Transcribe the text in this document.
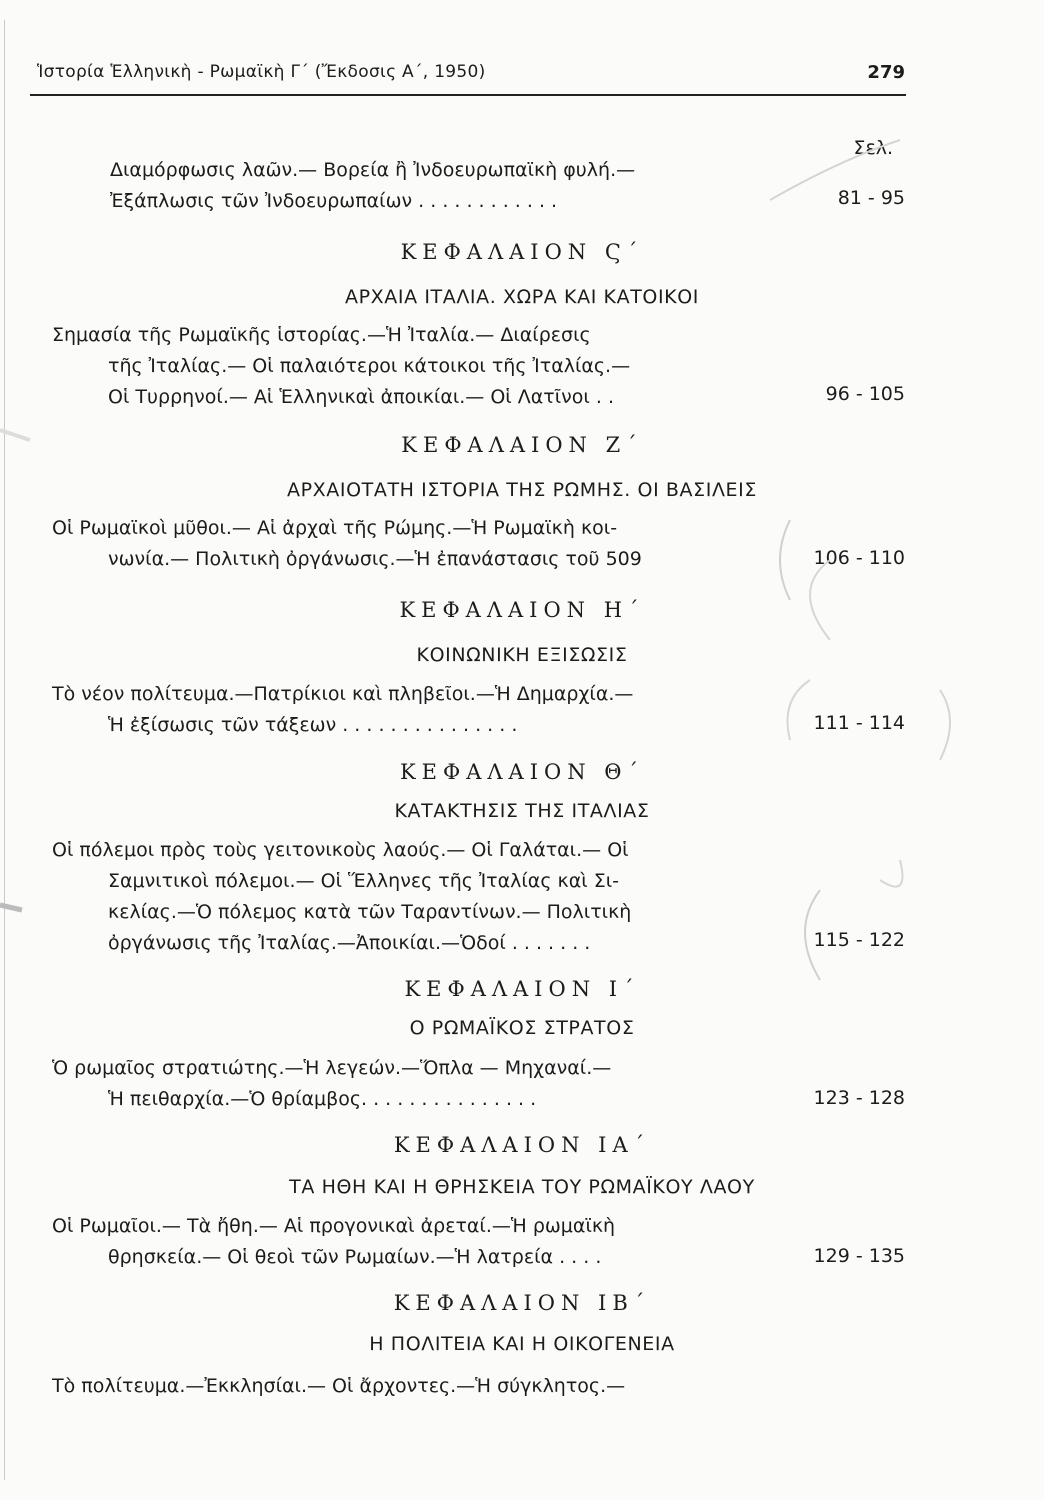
Ἱστορία Ἑλληνικὴ - Ρωμαϊκὴ Γ΄ (Ἔκδοσις Α΄, 1950)	279
Σελ.
Διαμόρφωσις λαῶν.— Βορεία ἢ Ἰνδοευρωπαϊκὴ φυλή.—
Ἐξάπλωσις τῶν Ἰνδοευρωπαίων . . . . . . . . . . . .	81 - 95
ΚΕΦΑΛΑΙΟΝ Ϛ΄
ΑΡΧΑΙΑ ΙΤΑΛΙΑ. ΧΩΡΑ ΚΑΙ ΚΑΤΟΙΚΟΙ
Σημασία τῆς Ρωμαϊκῆς ἱστορίας.—Ἡ Ἰταλία.— Διαίρεσις
τῆς Ἰταλίας.— Οἱ παλαιότεροι κάτοικοι τῆς Ἰταλίας.—
Οἱ Τυρρηνοί.— Αἱ Ἑλληνικαὶ ἀποικίαι.— Οἱ Λατῖνοι . .	96 - 105
ΚΕΦΑΛΑΙΟΝ Ζ΄
ΑΡΧΑΙΟΤΑΤΗ ΙΣΤΟΡΙΑ ΤΗΣ ΡΩΜΗΣ. ΟΙ ΒΑΣΙΛΕΙΣ
Οἱ Ρωμαϊκοὶ μῦθοι.— Αἱ ἀρχαὶ τῆς Ρώμης.—Ἡ Ρωμαϊκὴ κοι-
νωνία.— Πολιτικὴ ὀργάνωσις.—Ἡ ἐπανάστασις τοῦ 509	106 - 110
ΚΕΦΑΛΑΙΟΝ Η΄
ΚΟΙΝΩΝΙΚΗ ΕΞΙΣΩΣΙΣ
Τὸ νέον πολίτευμα.—Πατρίκιοι καὶ πληβεῖοι.—Ἡ Δημαρχία.—
Ἡ ἐξίσωσις τῶν τάξεων . . . . . . . . . . . . . . .	111 - 114
ΚΕΦΑΛΑΙΟΝ Θ΄
ΚΑΤΑΚΤΗΣΙΣ ΤΗΣ ΙΤΑΛΙΑΣ
Οἱ πόλεμοι πρὸς τοὺς γειτονικοὺς λαούς.— Οἱ Γαλάται.— Οἱ
Σαμνιτικοὶ πόλεμοι.— Οἱ Ἕλληνες τῆς Ἰταλίας καὶ Σι-
κελίας.—Ὁ πόλεμος κατὰ τῶν Ταραντίνων.— Πολιτικὴ
ὀργάνωσις τῆς Ἰταλίας.—Ἀποικίαι.—Ὁδοί . . . . . . .	115 - 122
ΚΕΦΑΛΑΙΟΝ Ι΄
Ο ΡΩΜΑΪΚΟΣ ΣΤΡΑΤΟΣ
Ὁ ρωμαῖος στρατιώτης.—Ἡ λεγεών.—Ὅπλα — Μηχαναί.—
Ἡ πειθαρχία.—Ὁ θρίαμβος. . . . . . . . . . . . . . .	123 - 128
ΚΕΦΑΛΑΙΟΝ ΙΑ΄
ΤΑ ΗΘΗ ΚΑΙ Η ΘΡΗΣΚΕΙΑ ΤΟΥ ΡΩΜΑΪΚΟΥ ΛΑΟΥ
Οἱ Ρωμαῖοι.— Τὰ ἤθη.— Αἱ προγονικαὶ ἀρεταί.—Ἡ ρωμαϊκὴ
θρησκεία.— Οἱ θεοὶ τῶν Ρωμαίων.—Ἡ λατρεία . . . .	129 - 135
ΚΕΦΑΛΑΙΟΝ ΙΒ΄
Η ΠΟΛΙΤΕΙΑ ΚΑΙ Η ΟΙΚΟΓΕΝΕΙΑ
Τὸ πολίτευμα.—Ἐκκλησίαι.— Οἱ ἄρχοντες.—Ἡ σύγκλητος.—
